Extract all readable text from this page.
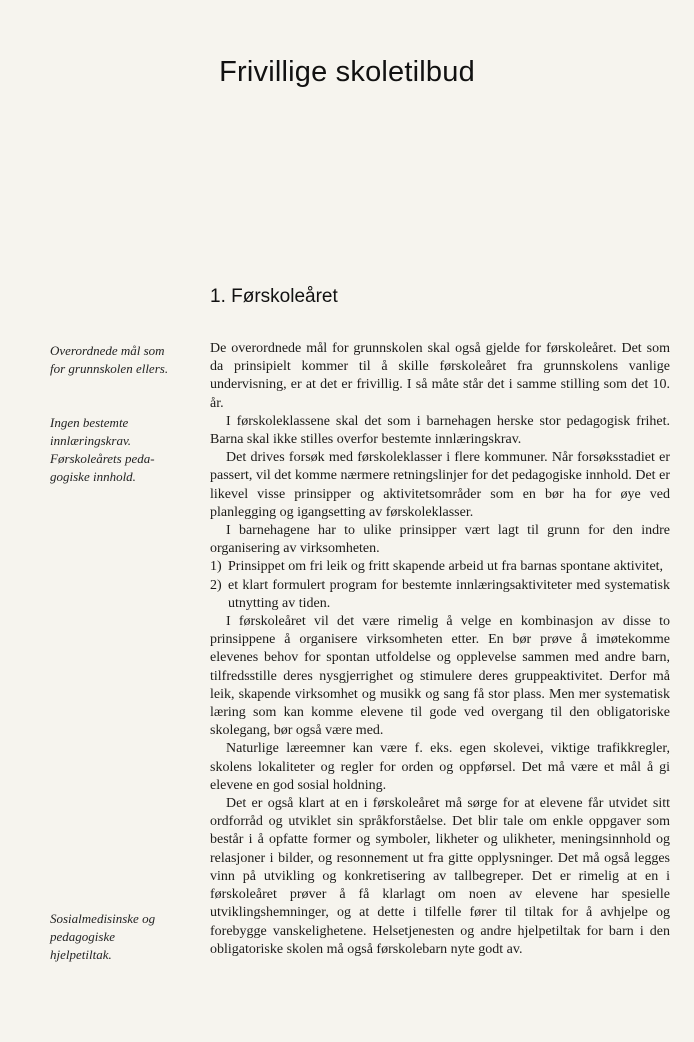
Frivillige skoletilbud
1. Førskoleåret

Overordnede mål som

for grunnskolen ellers.

Ingen bestemte

innlæringskrav.

Førskoleårets peda-

gogiske innhold.

Sosialmedisinske og

pedagogiske

hjelpetiltak.

De overordnede mål for grunnskolen skal også gjelde for førskoleåret. Det som da prinsipielt kommer til å skille førskoleåret fra grunnskolens vanlige undervisning, er at det er frivillig. I så måte står det i samme stilling som det 10. år.

I førskoleklassene skal det som i barnehagen herske stor pedagogisk frihet. Barna skal ikke stilles overfor bestemte innlæringskrav.

Det drives forsøk med førskoleklasser i flere kommuner. Når forsøksstadiet er passert, vil det komme nærmere retningslinjer for det pedagogiske innhold. Det er likevel visse prinsipper og aktivitetsområder som en bør ha for øye ved planlegging og igangsetting av førskoleklasser.

I barnehagene har to ulike prinsipper vært lagt til grunn for den indre organisering av virksomheten.

1) Prinsippet om fri leik og fritt skapende arbeid ut fra barnas spontane aktivitet,

2) et klart formulert program for bestemte innlæringsaktiviteter med systematisk utnytting av tiden.

I førskoleåret vil det være rimelig å velge en kombinasjon av disse to prinsippene å organisere virksomheten etter. En bør prøve å imøtekomme elevenes behov for spontan utfoldelse og opplevelse sammen med andre barn, tilfredsstille deres nysgjerrighet og stimulere deres gruppeaktivitet. Derfor må leik, skapende virksomhet og musikk og sang få stor plass. Men mer systematisk læring som kan komme elevene til gode ved overgang til den obligatoriske skolegang, bør også være med.

Naturlige læreemner kan være f. eks. egen skolevei, viktige trafikkregler, skolens lokaliteter og regler for orden og oppførsel. Det må være et mål å gi elevene en god sosial holdning.

Det er også klart at en i førskoleåret må sørge for at elevene får utvidet sitt ordforråd og utviklet sin språkforståelse. Det blir tale om enkle oppgaver som består i å opfatte former og symboler, likheter og ulikheter, meningsinnhold og relasjoner i bilder, og resonnement ut fra gitte opplysninger. Det må også legges vinn på utvikling og konkretisering av tallbegreper. Det er rimelig at en i førskoleåret prøver å få klarlagt om noen av elevene har spesielle utviklingshemninger, og at dette i tilfelle fører til tiltak for å avhjelpe og forebygge vanskelighetene. Helsetjenesten og andre hjelpetiltak for barn i den obligatoriske skolen må også førskolebarn nyte godt av.
